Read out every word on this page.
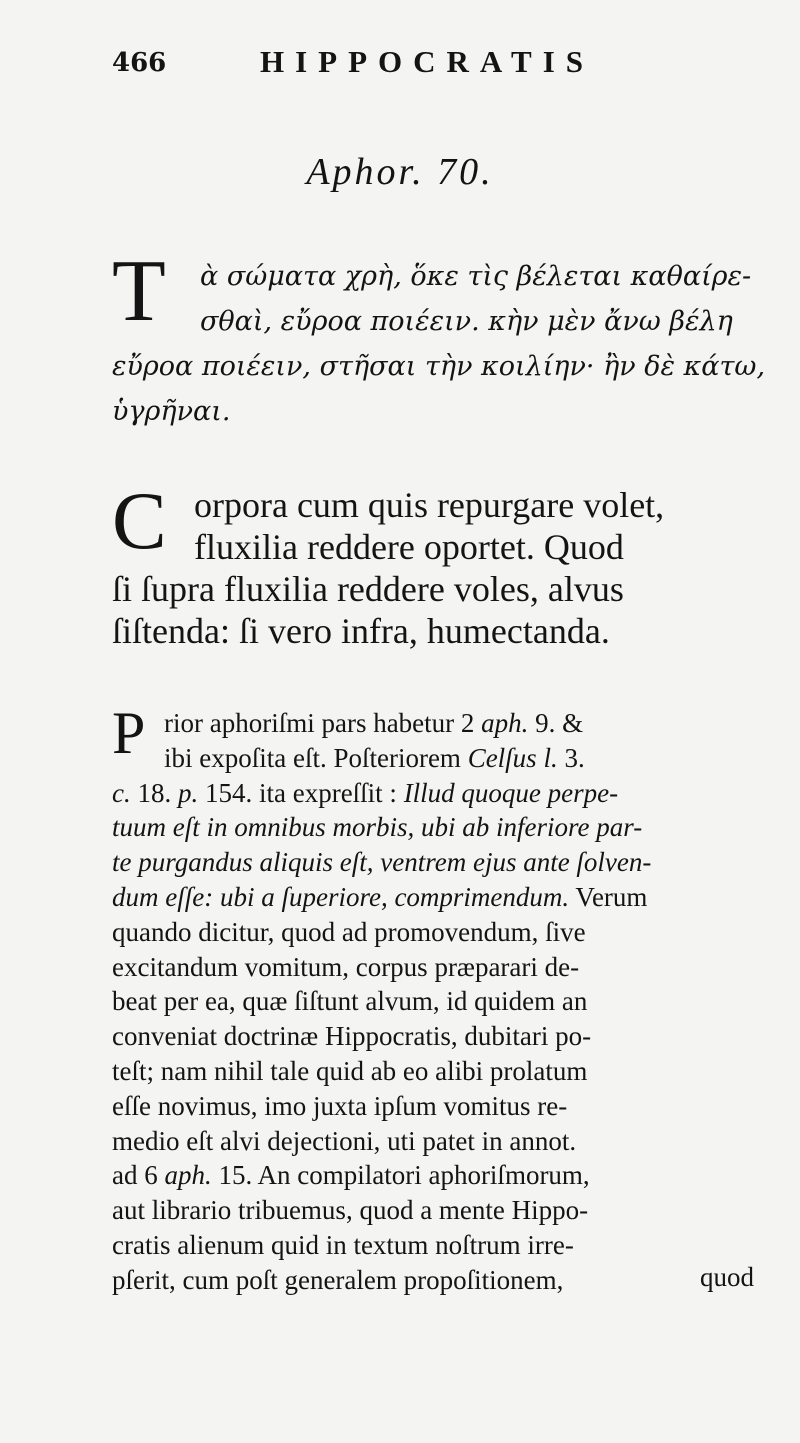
466	HIPPOCRATIS
Aphor. 70.
T	ὰ σώματα χρὴ, ὅκε τὶς βέλεται καθαίρε-
σθαὶ, εὔροα ποιέειν. κὴν μὲν ἄνω βέλη
εὔροα ποιέειν, στῆσαι τὴν κοιλίην· ἢν δὲ κάτω,
ὑγρῆναι.
C orpora cum quis repurgare volet,
fluxilia reddere oportet. Quod
ſi ſupra fluxilia reddere voles, alvus
ſiſtenda: ſi vero infra, humectanda.
P rior aphoriſmi pars habetur 2 aph. 9. &
ibi expoſita eſt. Poſteriorem Celſus l. 3.
c. 18. p. 154. ita expreſſit : Illud quoque perpe-
tuum eſt in omnibus morbis, ubi ab inferiore par-
te purgandus aliquis eſt, ventrem ejus ante ſolven-
dum eſſe: ubi a ſuperiore, comprimendum. Verum
quando dicitur, quod ad promovendum, ſive
excitandum vomitum, corpus præparari de-
beat per ea, quæ ſiſtunt alvum, id quidem an
conveniat doctrinæ Hippocratis, dubitari po-
teſt; nam nihil tale quid ab eo alibi prolatum
eſſe novimus, imo juxta ipſum vomitus re-
medio eſt alvi dejectioni, uti patet in annot.
ad 6 aph. 15. An compilatori aphoriſmorum,
aut librario tribuemus, quod a mente Hippo-
cratis alienum quid in textum noſtrum irre-
pſerit, cum poſt generalem propoſitionem,	quod
